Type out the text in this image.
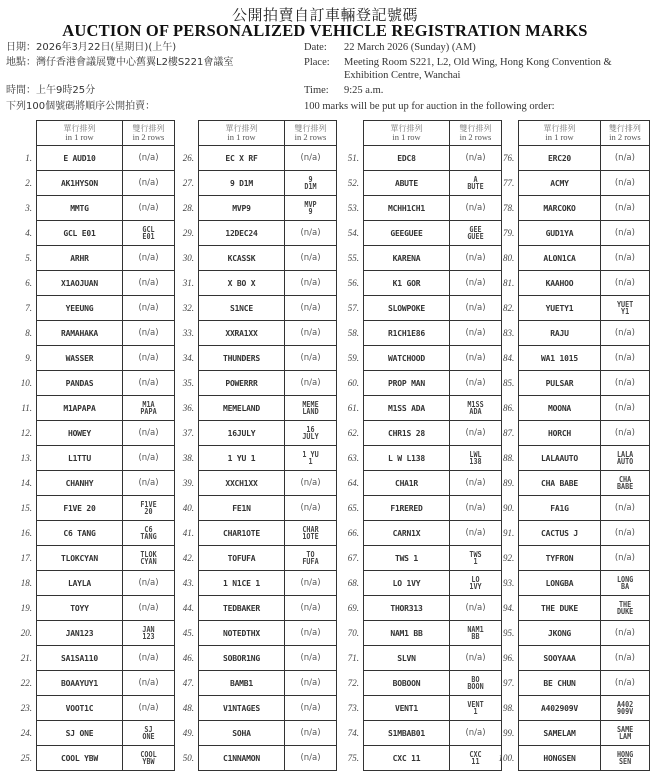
公開拍賣自訂車輛登記號碼
AUCTION OF PERSONALIZED VEHICLE REGISTRATION MARKS
日期：2026年3月22日(星期日)(上午)
地點：灣仔香港會議展覽中心舊翼L2樓S221會議室
時間：上午9時25分
下列100個號碼將順序公開拍賣：
Date:	22 March 2026 (Sunday) (AM)
Place:	Meeting Room S221, L2, Old Wing, Hong Kong Convention & Exhibition Centre, Wanchai
Time:	9:25 a.m.
100 marks will be put up for auction in the following order:

	單行排列
in 1 row	雙行排列
in 2 rows
1.	E AUD10	(n/a)
2.	AK1HYSON	(n/a)
3.	MMTG	(n/a)
4.	GCL E01	GCL
E01

5.	ARHR	(n/a)
6.	X1AOJUAN	(n/a)
7.	YEEUNG	(n/a)
8.	RAMAHAKA	(n/a)
9.	WASSER	(n/a)
10.	PANDAS	(n/a)
11.	M1APAPA	M1A
PAPA

12.	HOWEY	(n/a)
13.	L1TTU	(n/a)
14.	CHANHY	(n/a)
15.	F1VE 20	F1VE
20

16.	C6 TANG	C6
TANG

17.	TLOKCYAN	TLOK
CYAN

18.	LAYLA	(n/a)
19.	TOYY	(n/a)
20.	JAN123	JAN
123

21.	SA1SA110	(n/a)
22.	BOAAYUY1	(n/a)
23.	VOOT1C	(n/a)
24.	SJ ONE	SJ
ONE

25.	COOL YBW	COOL
YBW

	單行排列
in 1 row	雙行排列
in 2 rows
26.	EC X RF	(n/a)
27.	9 D1M	9
D1M

28.	MVP9	MVP
9

29.	12DEC24	(n/a)
30.	KCASSK	(n/a)
31.	X BO X	(n/a)
32.	S1NCE	(n/a)
33.	XXRA1XX	(n/a)
34.	THUNDERS	(n/a)
35.	POWERRR	(n/a)
36.	MEMELAND	MEME
LAND

37.	16JULY	16
JULY

38.	1 YU 1	1 YU
1

39.	XXCH1XX	(n/a)
40.	FE1N	(n/a)
41.	CHAR1OTE	CHAR
1OTE

42.	TOFUFA	TO
FUFA

43.	1 N1CE 1	(n/a)
44.	TEDBAKER	(n/a)
45.	NOTEDTHX	(n/a)
46.	SOBOR1NG	(n/a)
47.	BAMB1	(n/a)
48.	V1NTAGES	(n/a)
49.	SOHA	(n/a)
50.	C1NNAMON	(n/a)

	單行排列
in 1 row	雙行排列
in 2 rows
51.	EDC8	(n/a)
52.	ABUTE	A
BUTE

53.	MCHH1CH1	(n/a)
54.	GEEGUEE	GEE
GUEE

55.	KARENA	(n/a)
56.	K1 GOR	(n/a)
57.	SLOWPOKE	(n/a)
58.	R1CH1E86	(n/a)
59.	WATCHOOD	(n/a)
60.	PROP MAN	(n/a)
61.	M1SS ADA	M1SS
ADA

62.	CHR1S 28	(n/a)
63.	L W L138	LWL
138

64.	CHA1R	(n/a)
65.	F1RERED	(n/a)
66.	CARN1X	(n/a)
67.	TWS 1	TWS
1

68.	LO 1VY	LO
1VY

69.	THOR313	(n/a)
70.	NAM1 BB	NAM1
BB

71.	SLVN	(n/a)
72.	BOBOON	BO
BOON

73.	VENT1	VENT
1

74.	S1MBAB01	(n/a)
75.	CXC 11	CXC
11

	單行排列
in 1 row	雙行排列
in 2 rows
76.	ERC20	(n/a)
77.	ACMY	(n/a)
78.	MARCOKO	(n/a)
79.	GUD1YA	(n/a)
80.	ALON1CA	(n/a)
81.	KAAHOO	(n/a)
82.	YUETY1	YUET
Y1

83.	RAJU	(n/a)
84.	WA1 1015	(n/a)
85.	PULSAR	(n/a)
86.	MOONA	(n/a)
87.	HORCH	(n/a)
88.	LALAAUTO	LALA
AUTO

89.	CHA BABE	CHA
BABE

90.	FA1G	(n/a)
91.	CACTUS J	(n/a)
92.	TYFRON	(n/a)
93.	LONGBA	LONG
BA

94.	THE DUKE	THE
DUKE

95.	JKONG	(n/a)
96.	SOOYAAA	(n/a)
97.	BE CHUN	(n/a)
98.	A402909V	A402
909V

99.	SAMELAM	SAME
LAM

100.	HONGSEN	HONG
SEN
